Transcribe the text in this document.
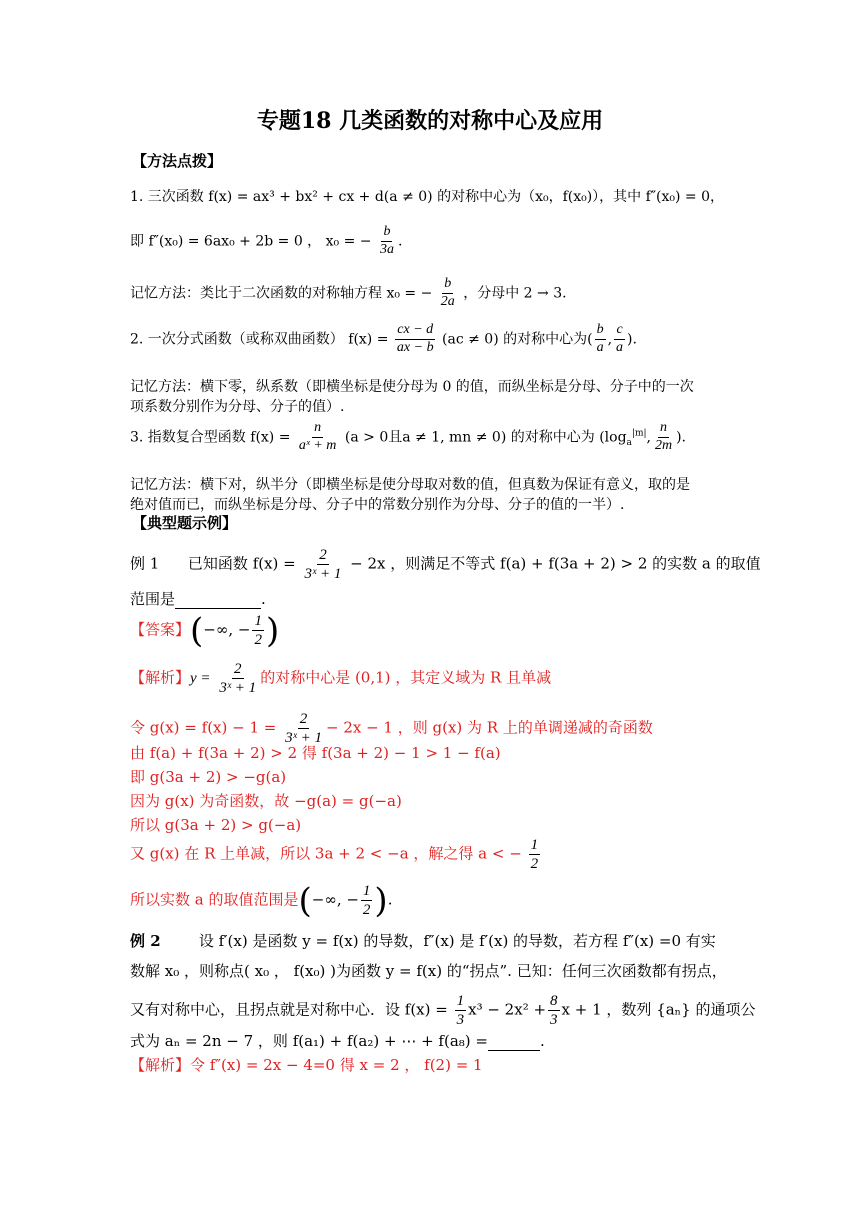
专题18 几类函数的对称中心及应用
【方法点拨】
1. 三次函数 f(x) = ax³ + bx² + cx + d(a ≠ 0) 的对称中心为（x₀，f(x₀)），其中 f″(x₀) = 0，
即 f″(x₀) = 6ax₀ + 2b = 0 ， x₀ = − $\frac{b}{3a}$ .
记忆方法：类比于二次函数的对称轴方程 x₀ = − $\frac{b}{2a}$ ，分母中 2 → 3.
2. 一次分式函数（或称双曲函数） $f(x) = \frac{cx - d}{ax - b} (ac \ne 0)$ 的对称中心为( $\frac{b}{a}$ , $\frac{c}{a}$ ).
记忆方法：横下零，纵系数（即横坐标是使分母为 0 的值，而纵坐标是分母、分子中的一次
项系数分别作为分母、分子的值）.
3. 指数复合型函数 $f(x) = \frac{n}{\text{aˣ + m}} (a > 0$且a ≠ 1, mn ≠ 0) 的对称中心为 ($\log_a^{|m|}$, $\frac{n}{2m}$ ).
记忆方法：横下对，纵半分（即横坐标是使分母取对数的值，但真数为保证有意义，取的是
绝对值而已，而纵坐标是分母、分子中的常数分别作为分母、分子的值的一半）.
【典型题示例】
例 1 已知函数 $f(x) = \frac{2}{\text{3ˣ + 1}} - 2x$ ，则满足不等式 f(a) + f(3a + 2) > 2 的实数 a 的取值
范围是	.
【答案】(−∞, − $\frac{1}{2}$ )
【解析】$y = \frac{2}{\text{3ˣ + 1}}$ 的对称中心是 (0,1) ，其定义域为 R 且单减
令 $g(x) = f(x) - 1 = \frac{2}{\text{3ˣ + 1}} - 2x - 1$ ，则 g(x) 为 R 上的单调递减的奇函数
由 f(a) + f(3a + 2) > 2 得 f(3a + 2) − 1 > 1 − f(a)
即 g(3a + 2) > −g(a)
因为 g(x) 为奇函数，故 −g(a) = g(−a)
所以 g(3a + 2) > g(−a)
又 g(x) 在 R 上单减，所以 3a + 2 < −a ，解之得 a < − $\frac{1}{2}$
所以实数 a 的取值范围是(−∞, − $\frac{1}{2}$ ).
例 2	设 f′(x) 是函数 y = f(x) 的导数，f″(x) 是 f′(x) 的导数，若方程 f″(x) =0 有实
数解 x₀ ，则称点( x₀ ， f(x₀) )为函数 y = f(x) 的“拐点”. 已知：任何三次函数都有拐点，
又有对称中心，且拐点就是对称中心．设 $f(x) = \frac{1}{3} x^3 - 2x^2 + \frac{8}{3}$ x + 1 ，数列 {aₙ} 的通项公
式为 aₙ = 2n − 7 ，则 f(a₁) + f(a₂) + ⋯ + f(a₈) =	.
【解析】令 f″(x) = 2x − 4=0 得 x = 2 ， f(2) = 1
